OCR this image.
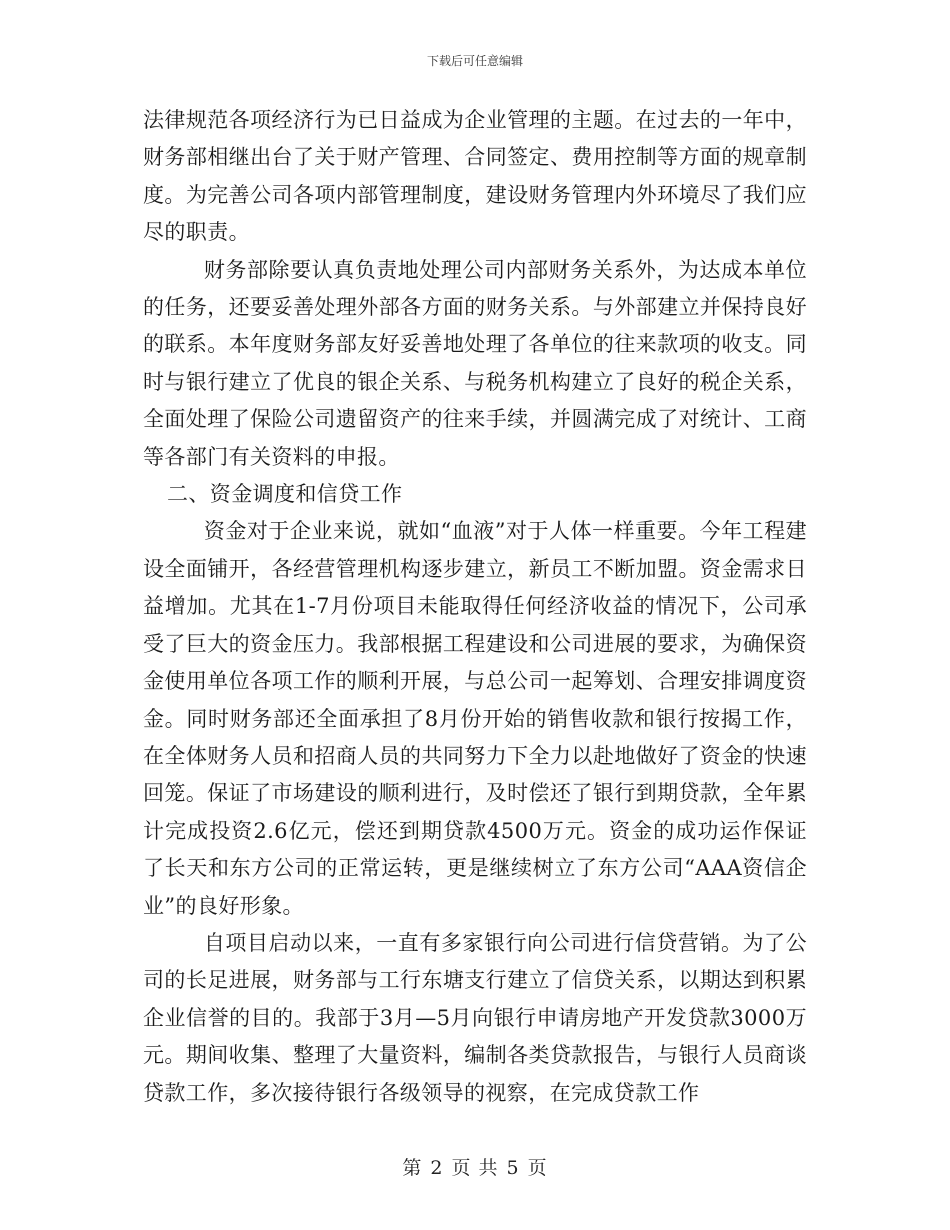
下载后可任意编辑

法律规范各项经济行为已日益成为企业管理的主题。在过去的一年中，财务部相继出台了关于财产管理、合同签定、费用控制等方面的规章制度。为完善公司各项内部管理制度，建设财务管理内外环境尽了我们应尽的职责。

财务部除要认真负责地处理公司内部财务关系外，为达成本单位的任务，还要妥善处理外部各方面的财务关系。与外部建立并保持良好的联系。本年度财务部友好妥善地处理了各单位的往来款项的收支。同时与银行建立了优良的银企关系、与税务机构建立了良好的税企关系，全面处理了保险公司遗留资产的往来手续，并圆满完成了对统计、工商等各部门有关资料的申报。

二、资金调度和信贷工作

资金对于企业来说，就如“血液”对于人体一样重要。今年工程建设全面铺开，各经营管理机构逐步建立，新员工不断加盟。资金需求日益增加。尤其在1-7月份项目未能取得任何经济收益的情况下，公司承受了巨大的资金压力。我部根据工程建设和公司进展的要求，为确保资金使用单位各项工作的顺利开展，与总公司一起筹划、合理安排调度资金。同时财务部还全面承担了8月份开始的销售收款和银行按揭工作，在全体财务人员和招商人员的共同努力下全力以赴地做好了资金的快速回笼。保证了市场建设的顺利进行，及时偿还了银行到期贷款，全年累计完成投资2.6亿元，偿还到期贷款4500万元。资金的成功运作保证了长天和东方公司的正常运转，更是继续树立了东方公司“AAA资信企业”的良好形象。

自项目启动以来，一直有多家银行向公司进行信贷营销。为了公司的长足进展，财务部与工行东塘支行建立了信贷关系，以期达到积累企业信誉的目的。我部于3月—5月向银行申请房地产开发贷款3000万元。期间收集、整理了大量资料，编制各类贷款报告，与银行人员商谈贷款工作，多次接待银行各级领导的视察，在完成贷款工作

第 2 页 共 5 页
